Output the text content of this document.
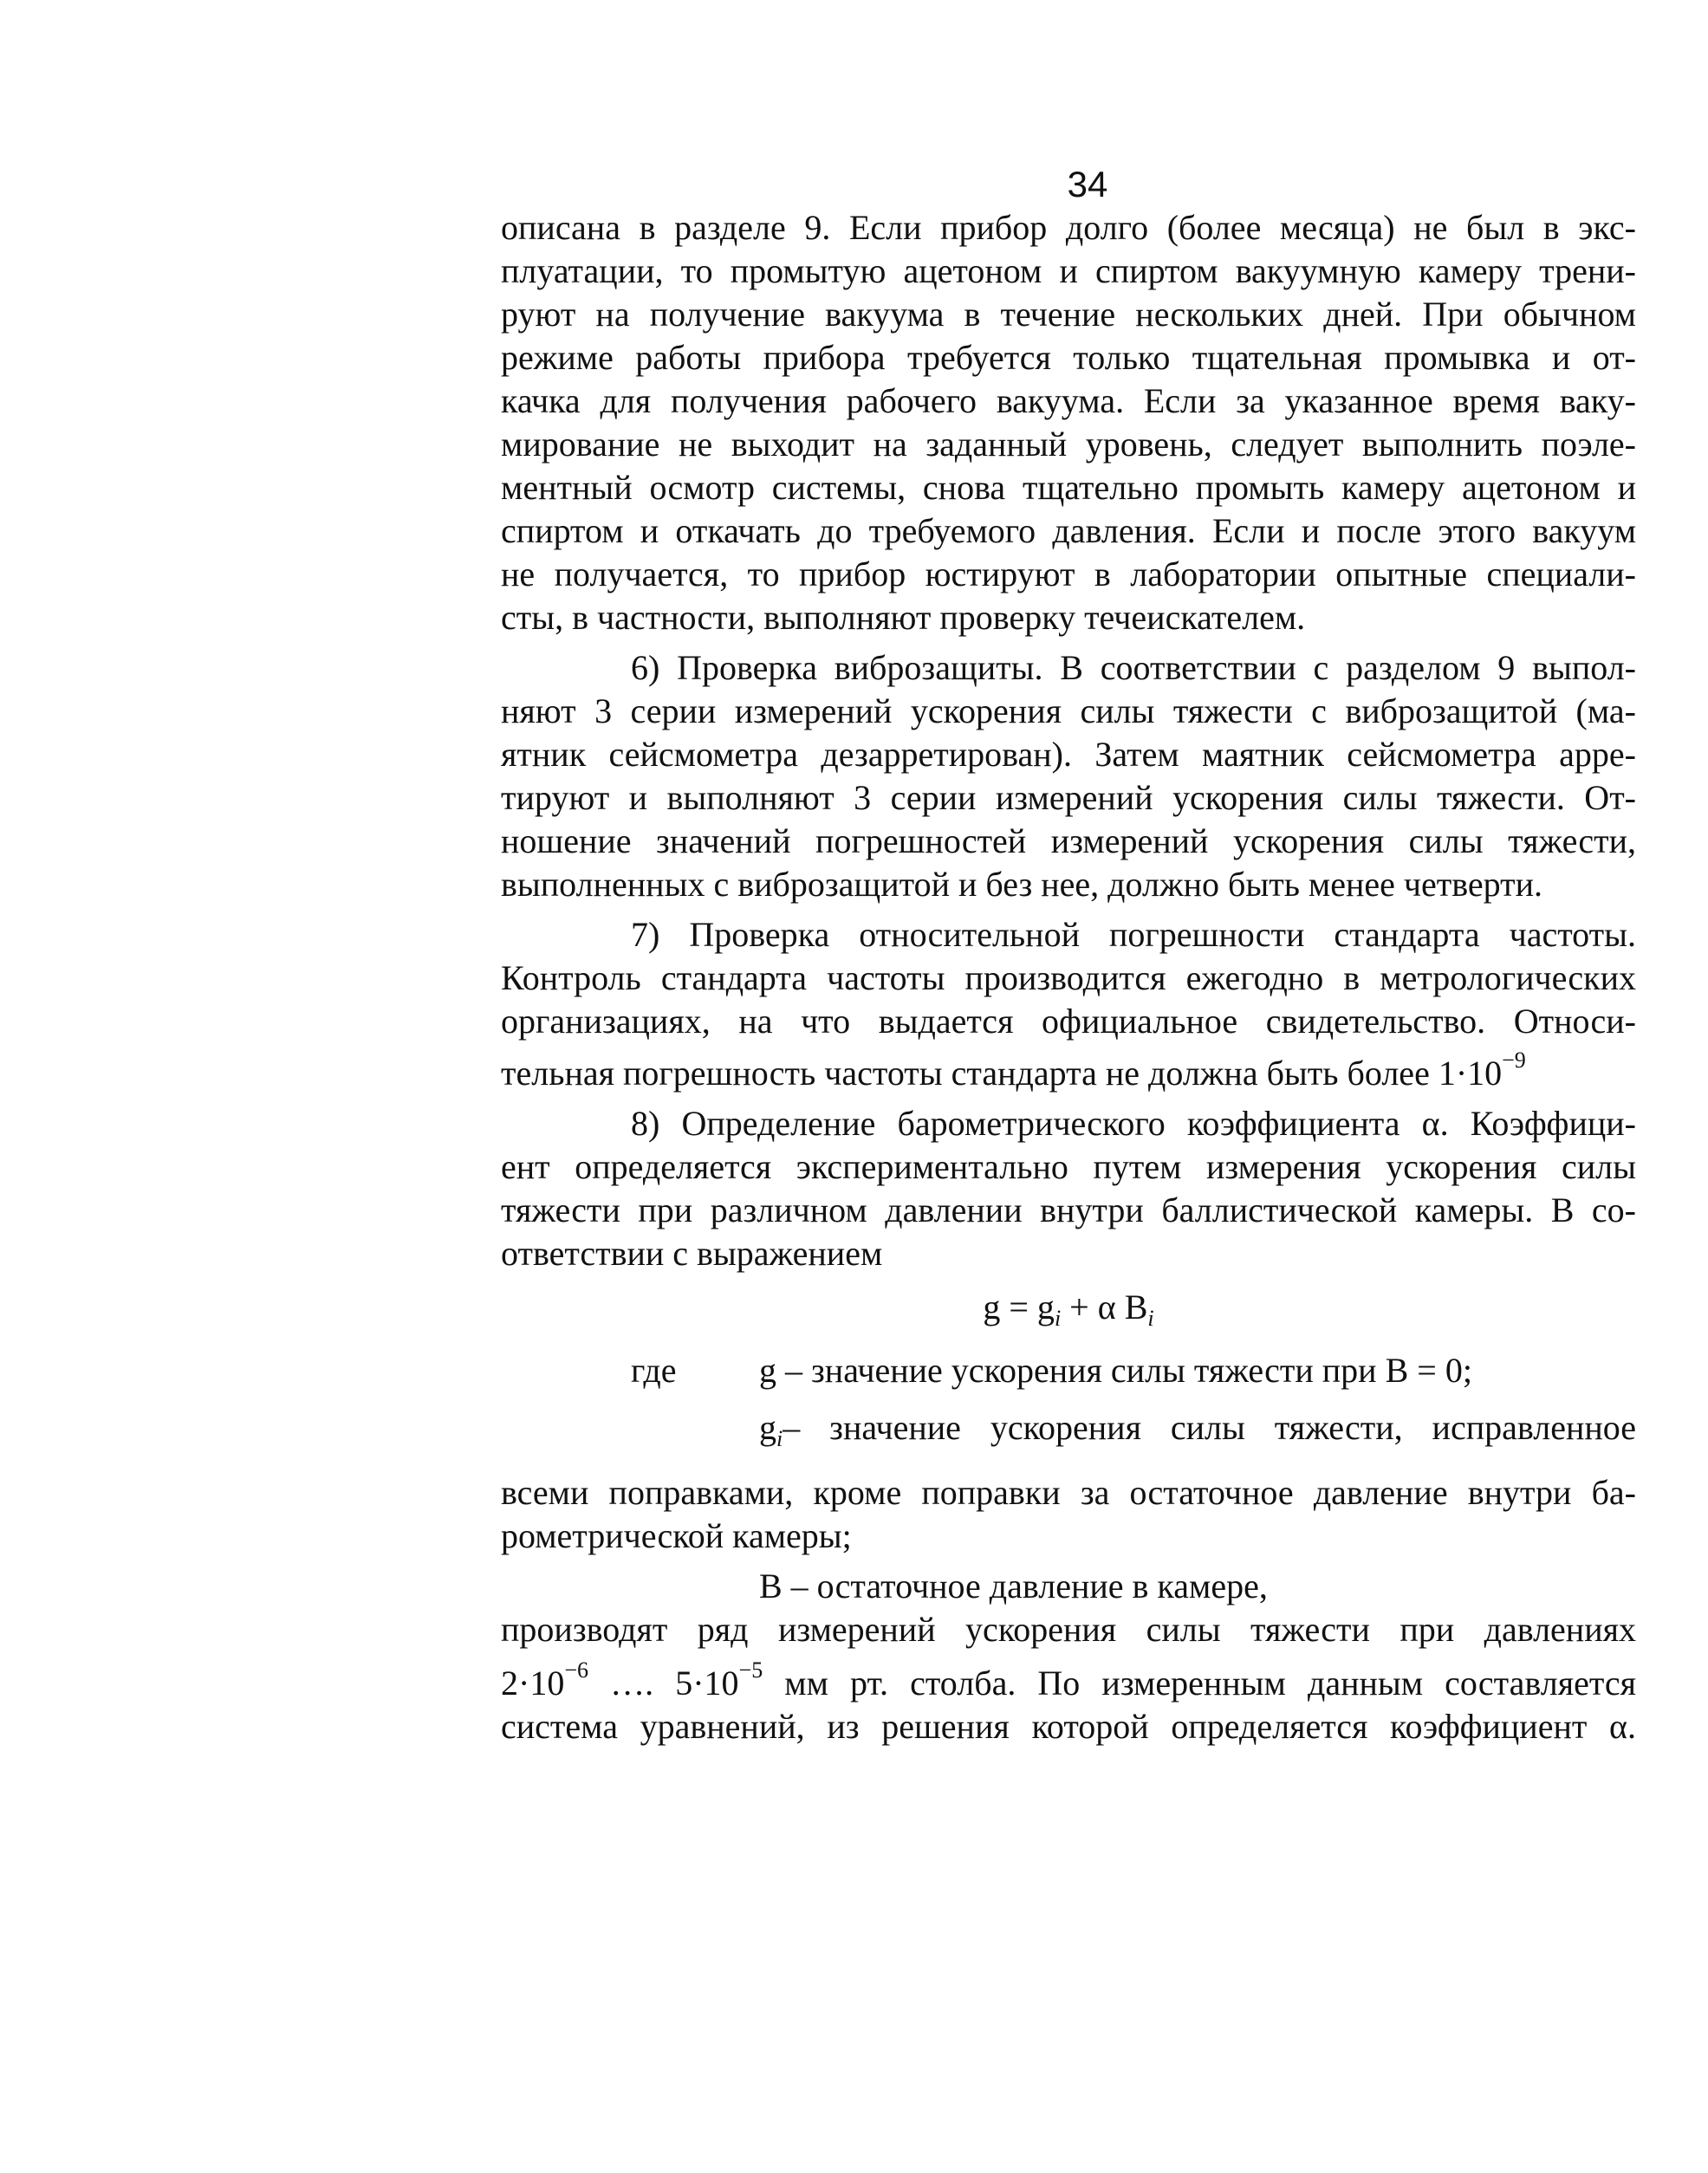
34

описана в разделе 9. Если прибор долго (более месяца) не был в экс-

плуатации, то промытую ацетоном и спиртом вакуумную камеру трени-

руют на получение вакуума в течение нескольких дней. При обычном

режиме работы прибора требуется только тщательная промывка и от-

качка для получения рабочего вакуума. Если за указанное время ваку-

мирование не выходит на заданный уровень, следует выполнить поэле-

ментный осмотр системы, снова тщательно промыть камеру ацетоном и

спиртом и откачать до требуемого давления. Если и после этого вакуум

не получается, то прибор юстируют в лаборатории опытные специали-

сты, в частности, выполняют проверку течеискателем.

6) Проверка виброзащиты. В соответствии с разделом 9 выпол-

няют 3 серии измерений ускорения силы тяжести с виброзащитой (ма-

ятник сейсмометра дезарретирован). Затем маятник сейсмометра арре-

тируют и выполняют 3 серии измерений ускорения силы тяжести. От-

ношение значений погрешностей измерений ускорения силы тяжести,

выполненных с виброзащитой и без нее, должно быть менее четверти.

7) Проверка относительной погрешности стандарта частоты.

Контроль стандарта частоты производится ежегодно в метрологических

организациях, на что выдается официальное свидетельство. Относи-

тельная погрешность частоты стандарта не должна быть более $1\cdot 10^{-9}$

8) Определение барометрического коэффициента α. Коэффици-

ент определяется экспериментально путем измерения ускорения силы

тяжести при различном давлении внутри баллистической камеры. В со-

ответствии с выражением

$g = g_i + \alpha$ $B_i$
где	g – значение ускорения силы тяжести при B = 0;
$g_i-$ значение ускорения силы тяжести, исправленное

всеми поправками, кроме поправки за остаточное давление внутри ба-

рометрической камеры;

B – остаточное давление в камере,

производят ряд измерений ускорения силы тяжести при давлениях

$2\cdot 10^{-6}$ …. $5\cdot 10^{-5}$ мм рт. столба. По измеренным данным составляется

система уравнений, из решения которой определяется коэффициент α.
